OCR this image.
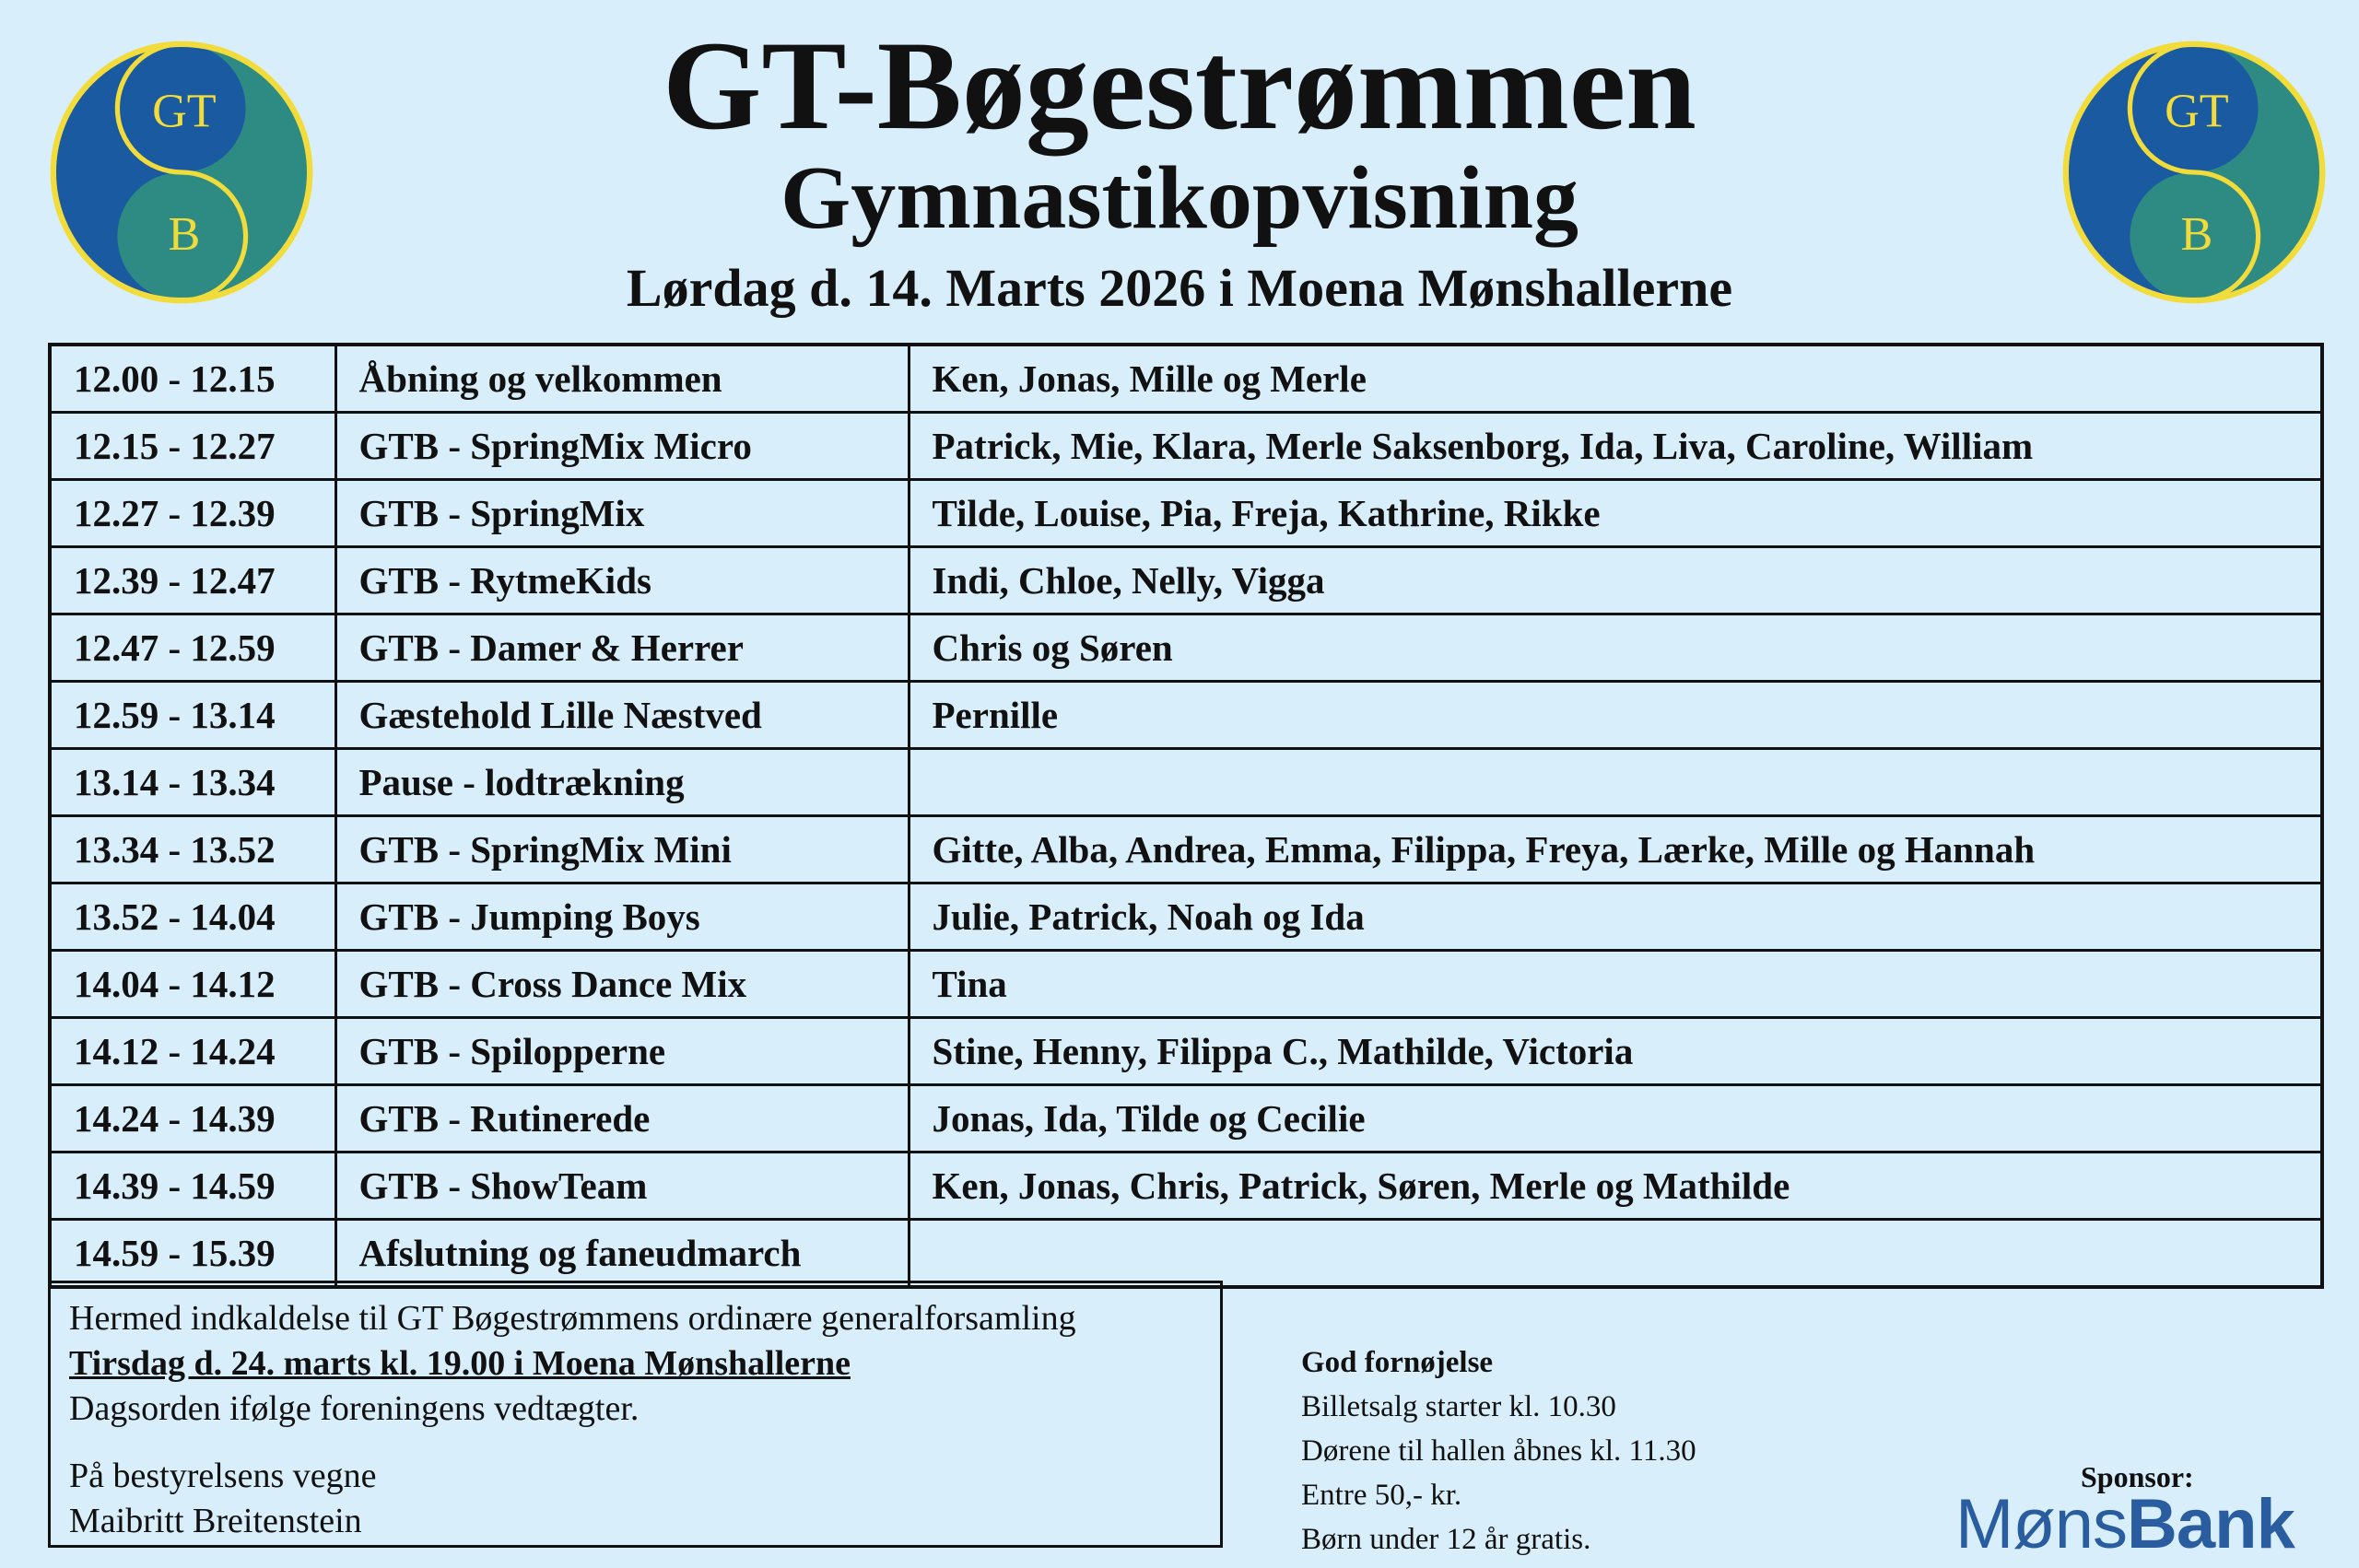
GT
B
GT
B
GT-Bøgestrømmen
Gymnastikopvisning
Lørdag d. 14. Marts 2026 i Moena Mønshallerne
12.00 - 12.15	Åbning og velkommen	Ken, Jonas, Mille og Merle
12.15 - 12.27	GTB - SpringMix Micro	Patrick, Mie, Klara, Merle Saksenborg, Ida, Liva, Caroline, William
12.27 - 12.39	GTB - SpringMix	Tilde, Louise, Pia, Freja, Kathrine, Rikke
12.39 - 12.47	GTB - RytmeKids	Indi, Chloe, Nelly, Vigga
12.47 - 12.59	GTB - Damer & Herrer	Chris og Søren
12.59 - 13.14	Gæstehold Lille Næstved	Pernille
13.14 - 13.34	Pause - lodtrækning	
13.34 - 13.52	GTB - SpringMix Mini	Gitte, Alba, Andrea, Emma, Filippa, Freya, Lærke, Mille og Hannah
13.52 - 14.04	GTB - Jumping Boys	Julie, Patrick, Noah og Ida
14.04 - 14.12	GTB - Cross Dance Mix	Tina
14.12 - 14.24	GTB - Spilopperne	Stine, Henny, Filippa C., Mathilde, Victoria
14.24 - 14.39	GTB - Rutinerede	Jonas, Ida, Tilde og Cecilie
14.39 - 14.59	GTB - ShowTeam	Ken, Jonas, Chris, Patrick, Søren, Merle og Mathilde
14.59 - 15.39	Afslutning og faneudmarch	
Hermed indkaldelse til GT Bøgestrømmens ordinære generalforsamling
Tirsdag d. 24. marts kl. 19.00 i Moena Mønshallerne
Dagsorden ifølge foreningens vedtægter.
På bestyrelsens vegne
Maibritt Breitenstein
God fornøjelse
Billetsalg starter kl. 10.30
Dørene til hallen åbnes kl. 11.30
Entre 50,- kr.
Børn under 12 år gratis.
Sponsor:
MønsBank
